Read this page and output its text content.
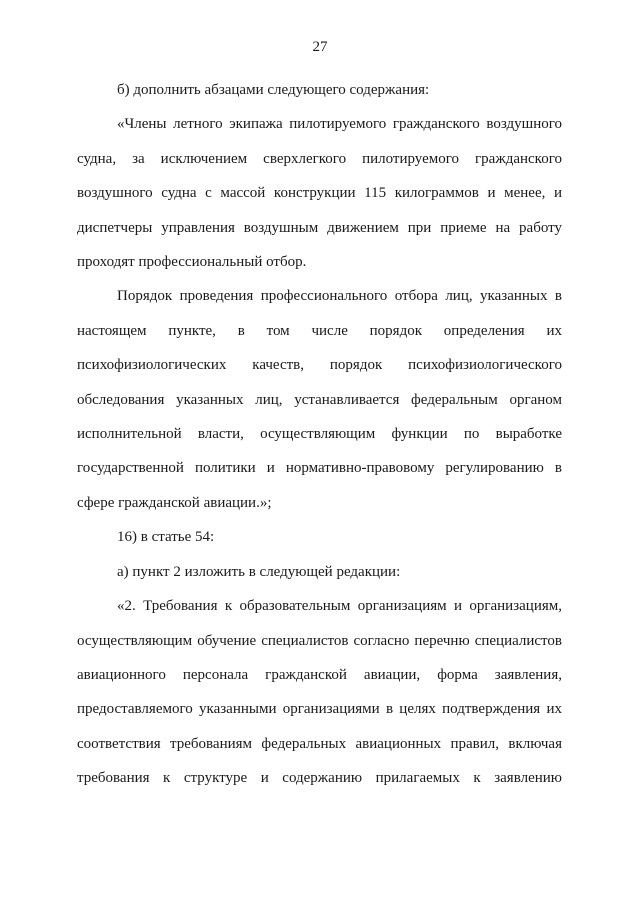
27

б) дополнить абзацами следующего содержания:

«Члены летного экипажа пилотируемого гражданского воздушного судна, за исключением сверхлегкого пилотируемого гражданского воздушного судна с массой конструкции 115 килограммов и менее, и диспетчеры управления воздушным движением при приеме на работу проходят профессиональный отбор.

Порядок проведения профессионального отбора лиц, указанных в настоящем пункте, в том числе порядок определения их психофизиологических качеств, порядок психофизиологического обследования указанных лиц, устанавливается федеральным органом исполнительной власти, осуществляющим функции по выработке государственной политики и нормативно-правовому регулированию в сфере гражданской авиации.»;

16) в статье 54:

а) пункт 2 изложить в следующей редакции:

«2. Требования к образовательным организациям и организациям, осуществляющим обучение специалистов согласно перечню специалистов авиационного персонала гражданской авиации, форма заявления, предоставляемого указанными организациями в целях подтверждения их соответствия требованиям федеральных авиационных правил, включая требования к структуре и содержанию прилагаемых к заявлению
